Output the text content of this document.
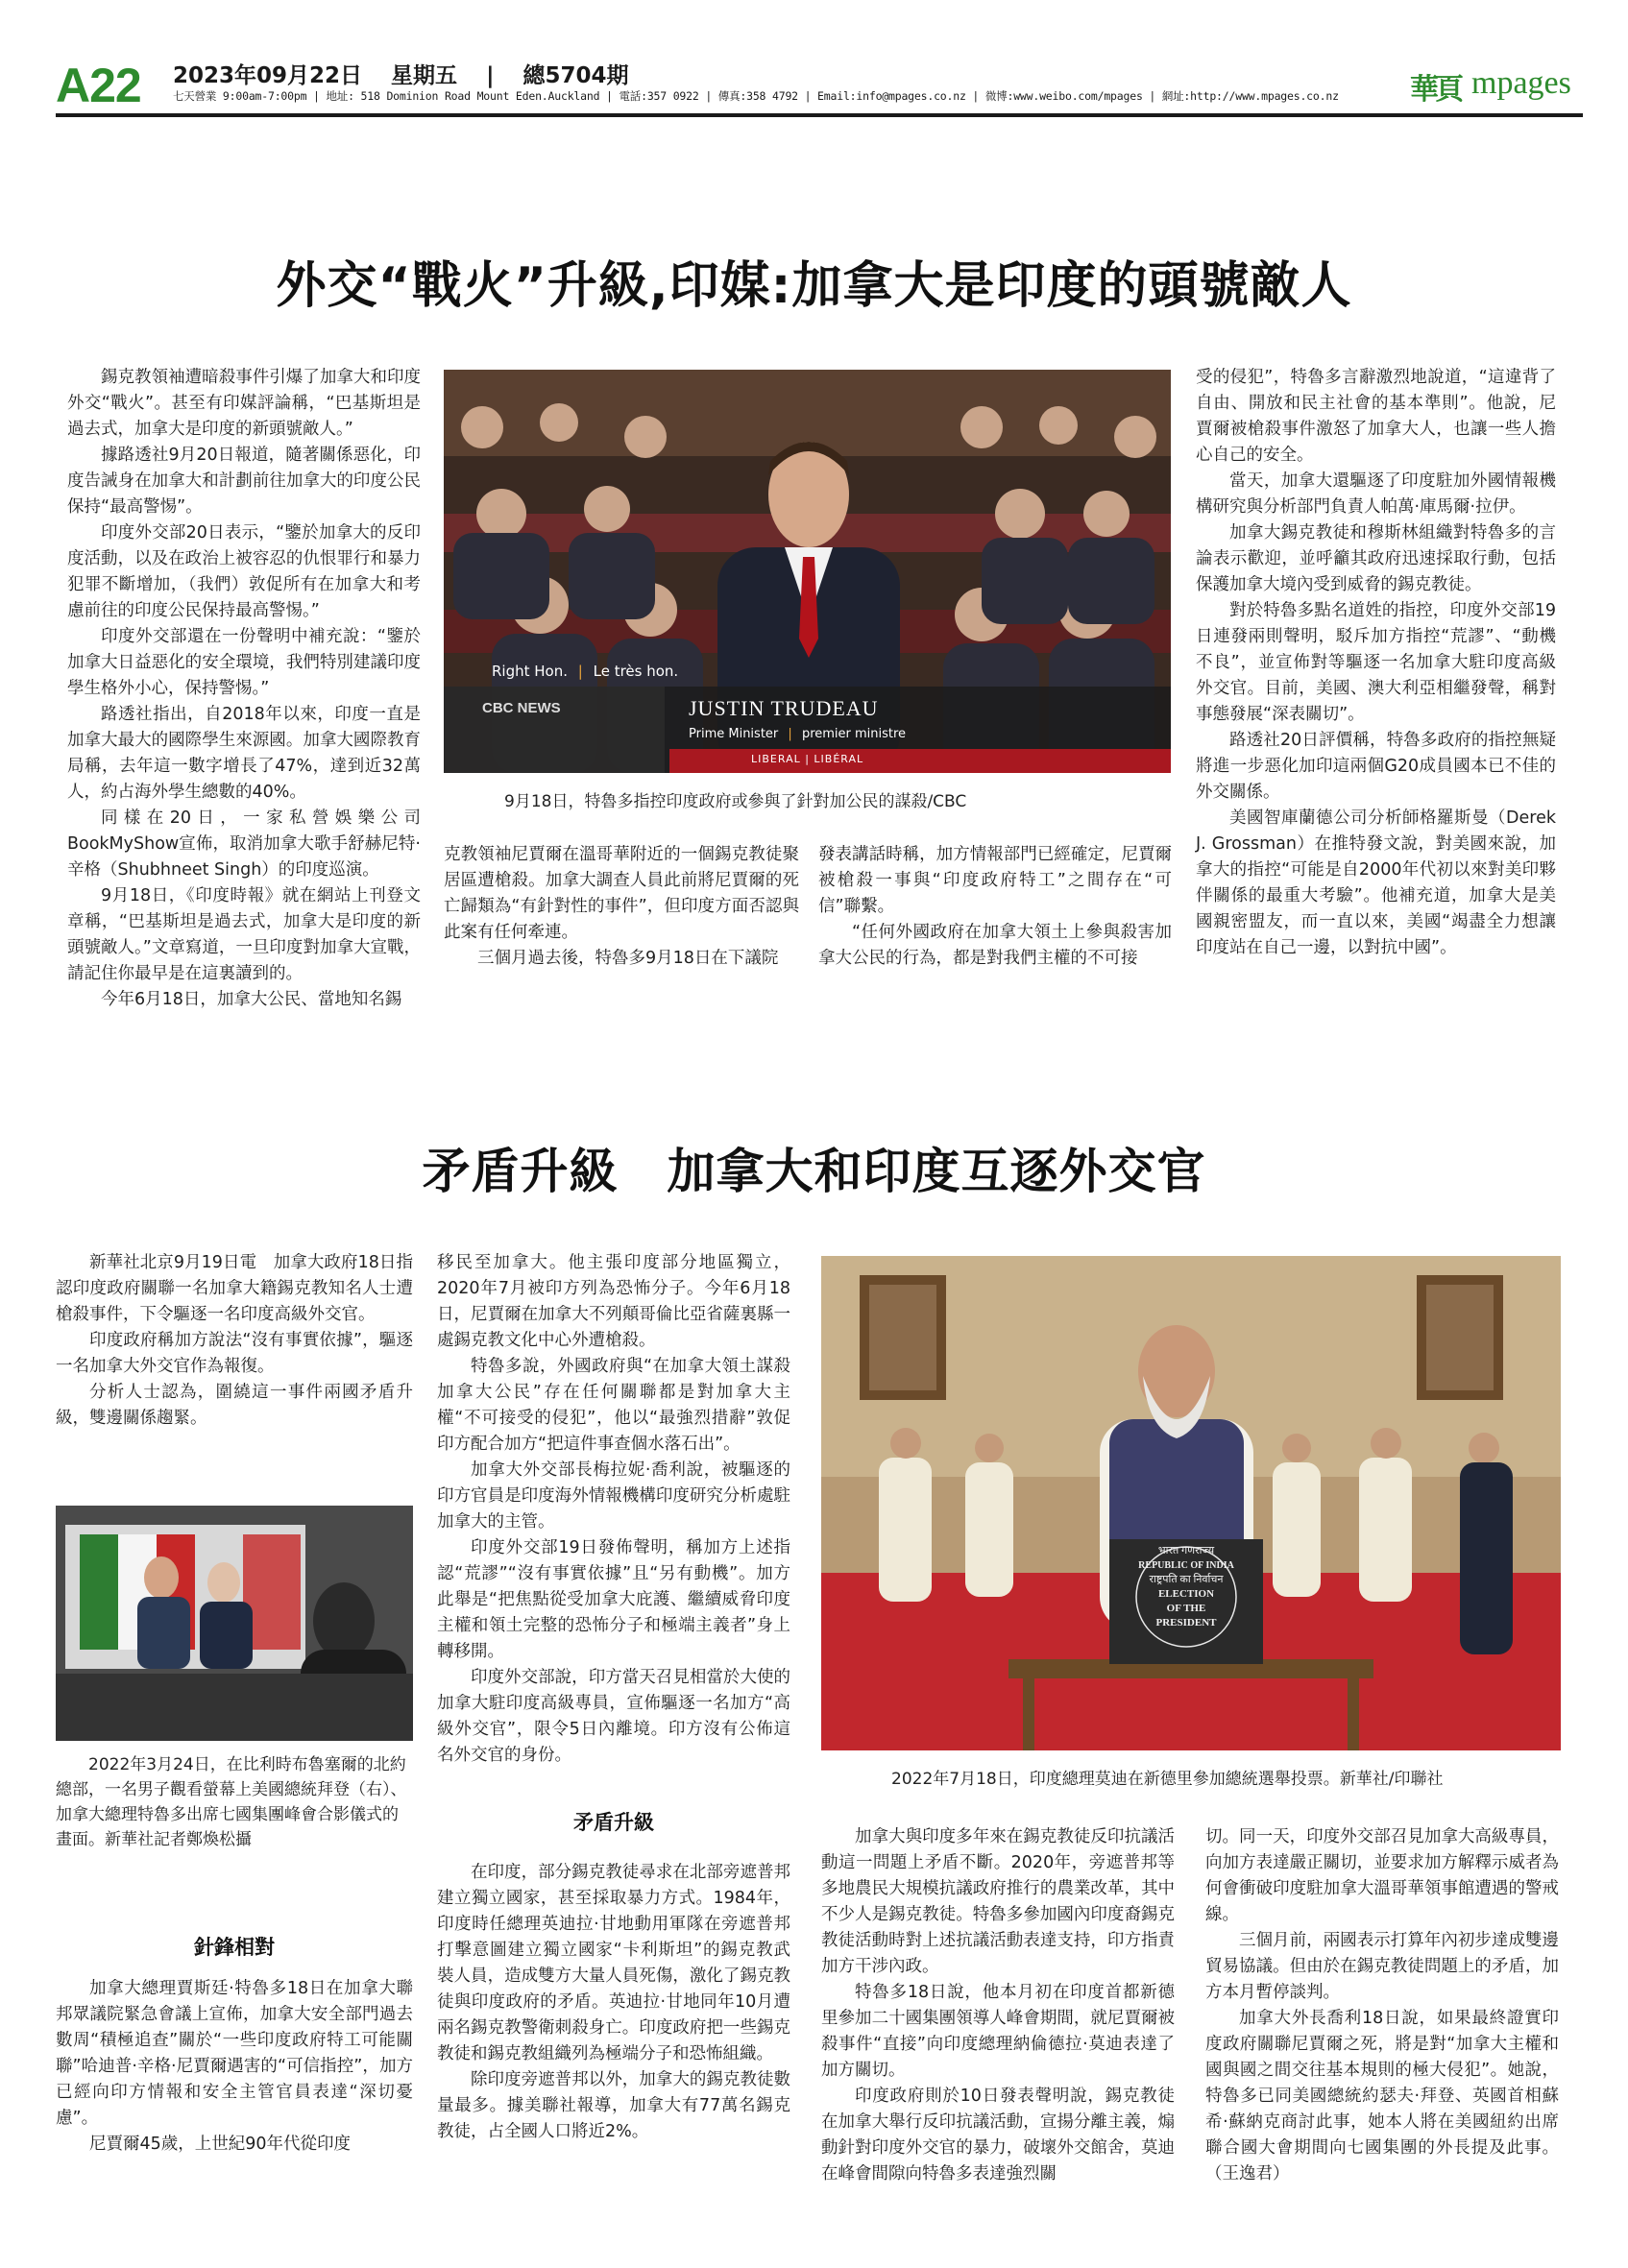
A22 2023年09月22日 星期五 | 總5704期
七天營業 9:00am-7:00pm | 地址: 518 Dominion Road Mount Eden.Auckland | 電話:357 0922 | 傳真:358 4792 | Email:info@mpages.co.nz | 微博:www.weibo.com/mpages | 網址:http://www.mpages.co.nz 華頁 mpages
外交“戰火”升級,印媒:加拿大是印度的頭號敵人

錫克教領袖遭暗殺事件引爆了加拿大和印度外交“戰火”。甚至有印媒評論稱，“巴基斯坦是過去式，加拿大是印度的新頭號敵人。”

據路透社9月20日報道，隨著關係惡化，印度告誡身在加拿大和計劃前往加拿大的印度公民保持“最高警惕”。

印度外交部20日表示，“鑒於加拿大的反印度活動，以及在政治上被容忍的仇恨罪行和暴力犯罪不斷增加，（我們）敦促所有在加拿大和考慮前往的印度公民保持最高警惕。”

印度外交部還在一份聲明中補充說：“鑒於加拿大日益惡化的安全環境，我們特別建議印度學生格外小心，保持警惕。”

路透社指出，自2018年以來，印度一直是加拿大最大的國際學生來源國。加拿大國際教育局稱，去年這一數字增長了47%，達到近32萬人，約占海外學生總數的40%。

同樣在20日，一家私營娛樂公司BookMyShow宣佈，取消加拿大歌手舒赫尼特·辛格（Shubhneet Singh）的印度巡演。

9月18日，《印度時報》就在網站上刊登文章稱，“巴基斯坦是過去式，加拿大是印度的新頭號敵人。”文章寫道，一旦印度對加拿大宣戰，請記住你最早是在這裏讀到的。

今年6月18日，加拿大公民、當地知名錫

Right Hon. | Le très hon.
CBC NEWS	JUSTIN TRUDEAU
Prime Minister | premier ministre
LIBERAL | LIBÉRAL
9月18日，特魯多指控印度政府或參與了針對加公民的謀殺/CBC

克教領袖尼賈爾在溫哥華附近的一個錫克教徒聚居區遭槍殺。加拿大調查人員此前將尼賈爾的死亡歸類為“有針對性的事件”，但印度方面否認與此案有任何牽連。

三個月過去後，特魯多9月18日在下議院

發表講話時稱，加方情報部門已經確定，尼賈爾被槍殺一事與“印度政府特工”之間存在“可信”聯繫。

“任何外國政府在加拿大領土上參與殺害加拿大公民的行為，都是對我們主權的不可接

受的侵犯”，特魯多言辭激烈地說道，“這違背了自由、開放和民主社會的基本準則”。他說，尼賈爾被槍殺事件激怒了加拿大人，也讓一些人擔心自己的安全。

當天，加拿大還驅逐了印度駐加外國情報機構研究與分析部門負責人帕萬·庫馬爾·拉伊。

加拿大錫克教徒和穆斯林組織對特魯多的言論表示歡迎，並呼籲其政府迅速採取行動，包括保護加拿大境內受到威脅的錫克教徒。

對於特魯多點名道姓的指控，印度外交部19日連發兩則聲明，駁斥加方指控“荒謬”、“動機不良”，並宣佈對等驅逐一名加拿大駐印度高級外交官。目前，美國、澳大利亞相繼發聲，稱對事態發展“深表關切”。

路透社20日評價稱，特魯多政府的指控無疑將進一步惡化加印這兩個G20成員國本已不佳的外交關係。

美國智庫蘭德公司分析師格羅斯曼（Derek J. Grossman）在推特發文說，對美國來說，加拿大的指控“可能是自2000年代初以來對美印夥伴關係的最重大考驗”。他補充道，加拿大是美國親密盟友，而一直以來，美國“竭盡全力想讓印度站在自己一邊，以對抗中國”。

矛盾升級　加拿大和印度互逐外交官

新華社北京9月19日電　加拿大政府18日指認印度政府關聯一名加拿大籍錫克教知名人士遭槍殺事件，下令驅逐一名印度高級外交官。

印度政府稱加方說法“沒有事實依據”，驅逐一名加拿大外交官作為報復。

分析人士認為，圍繞這一事件兩國矛盾升級，雙邊關係趨緊。

2022年3月24日，在比利時布魯塞爾的北約總部，一名男子觀看螢幕上美國總統拜登（右）、加拿大總理特魯多出席七國集團峰會合影儀式的畫面。新華社記者鄭煥松攝
針鋒相對

加拿大總理賈斯廷·特魯多18日在加拿大聯邦眾議院緊急會議上宣佈，加拿大安全部門過去數周“積極追查”關於“一些印度政府特工可能關聯”哈迪普·辛格·尼賈爾遇害的“可信指控”，加方已經向印方情報和安全主管官員表達“深切憂慮”。

尼賈爾45歲，上世紀90年代從印度

移民至加拿大。他主張印度部分地區獨立，2020年7月被印方列為恐怖分子。今年6月18日，尼賈爾在加拿大不列顛哥倫比亞省薩裏縣一處錫克教文化中心外遭槍殺。

特魯多說，外國政府與“在加拿大領土謀殺加拿大公民”存在任何關聯都是對加拿大主權“不可接受的侵犯”，他以“最強烈措辭”敦促印方配合加方“把這件事查個水落石出”。

加拿大外交部長梅拉妮·喬利說，被驅逐的印方官員是印度海外情報機構印度研究分析處駐加拿大的主管。

印度外交部19日發佈聲明，稱加方上述指認“荒謬”“沒有事實依據”且“另有動機”。加方此舉是“把焦點從受加拿大庇護、繼續威脅印度主權和領土完整的恐怖分子和極端主義者”身上轉移開。

印度外交部說，印方當天召見相當於大使的加拿大駐印度高級專員，宣佈驅逐一名加方“高級外交官”，限令5日內離境。印方沒有公佈這名外交官的身份。

矛盾升級

在印度，部分錫克教徒尋求在北部旁遮普邦建立獨立國家，甚至採取暴力方式。1984年，印度時任總理英迪拉·甘地動用軍隊在旁遮普邦打擊意圖建立獨立國家“卡利斯坦”的錫克教武裝人員，造成雙方大量人員死傷，激化了錫克教徒與印度政府的矛盾。英迪拉·甘地同年10月遭兩名錫克教警衛刺殺身亡。印度政府把一些錫克教徒和錫克教組織列為極端分子和恐怖組織。

除印度旁遮普邦以外，加拿大的錫克教徒數量最多。據美聯社報導，加拿大有77萬名錫克教徒，占全國人口將近2%。

भारत गणराज्य
REPUBLIC OF INDIA
राष्ट्रपति का निर्वाचन
ELECTION
OF THE
PRESIDENT
2022年7月18日，印度總理莫迪在新德里參加總統選舉投票。新華社/印聯社

加拿大與印度多年來在錫克教徒反印抗議活動這一問題上矛盾不斷。2020年，旁遮普邦等多地農民大規模抗議政府推行的農業改革，其中不少人是錫克教徒。特魯多參加國內印度裔錫克教徒活動時對上述抗議活動表達支持，印方指責加方干涉內政。

特魯多18日說，他本月初在印度首都新德里參加二十國集團領導人峰會期間，就尼賈爾被殺事件“直接”向印度總理納倫德拉·莫迪表達了加方關切。

印度政府則於10日發表聲明說，錫克教徒在加拿大舉行反印抗議活動，宣揚分離主義，煽動針對印度外交官的暴力，破壞外交館舍，莫迪在峰會間隙向特魯多表達強烈關

切。同一天，印度外交部召見加拿大高級專員，向加方表達嚴正關切，並要求加方解釋示威者為何會衝破印度駐加拿大溫哥華領事館遭遇的警戒線。

三個月前，兩國表示打算年內初步達成雙邊貿易協議。但由於在錫克教徒問題上的矛盾，加方本月暫停談判。

加拿大外長喬利18日說，如果最終證實印度政府關聯尼賈爾之死，將是對“加拿大主權和國與國之間交往基本規則的極大侵犯”。她說，特魯多已同美國總統約瑟夫·拜登、英國首相蘇希·蘇納克商討此事，她本人將在美國紐約出席聯合國大會期間向七國集團的外長提及此事。（王逸君）
